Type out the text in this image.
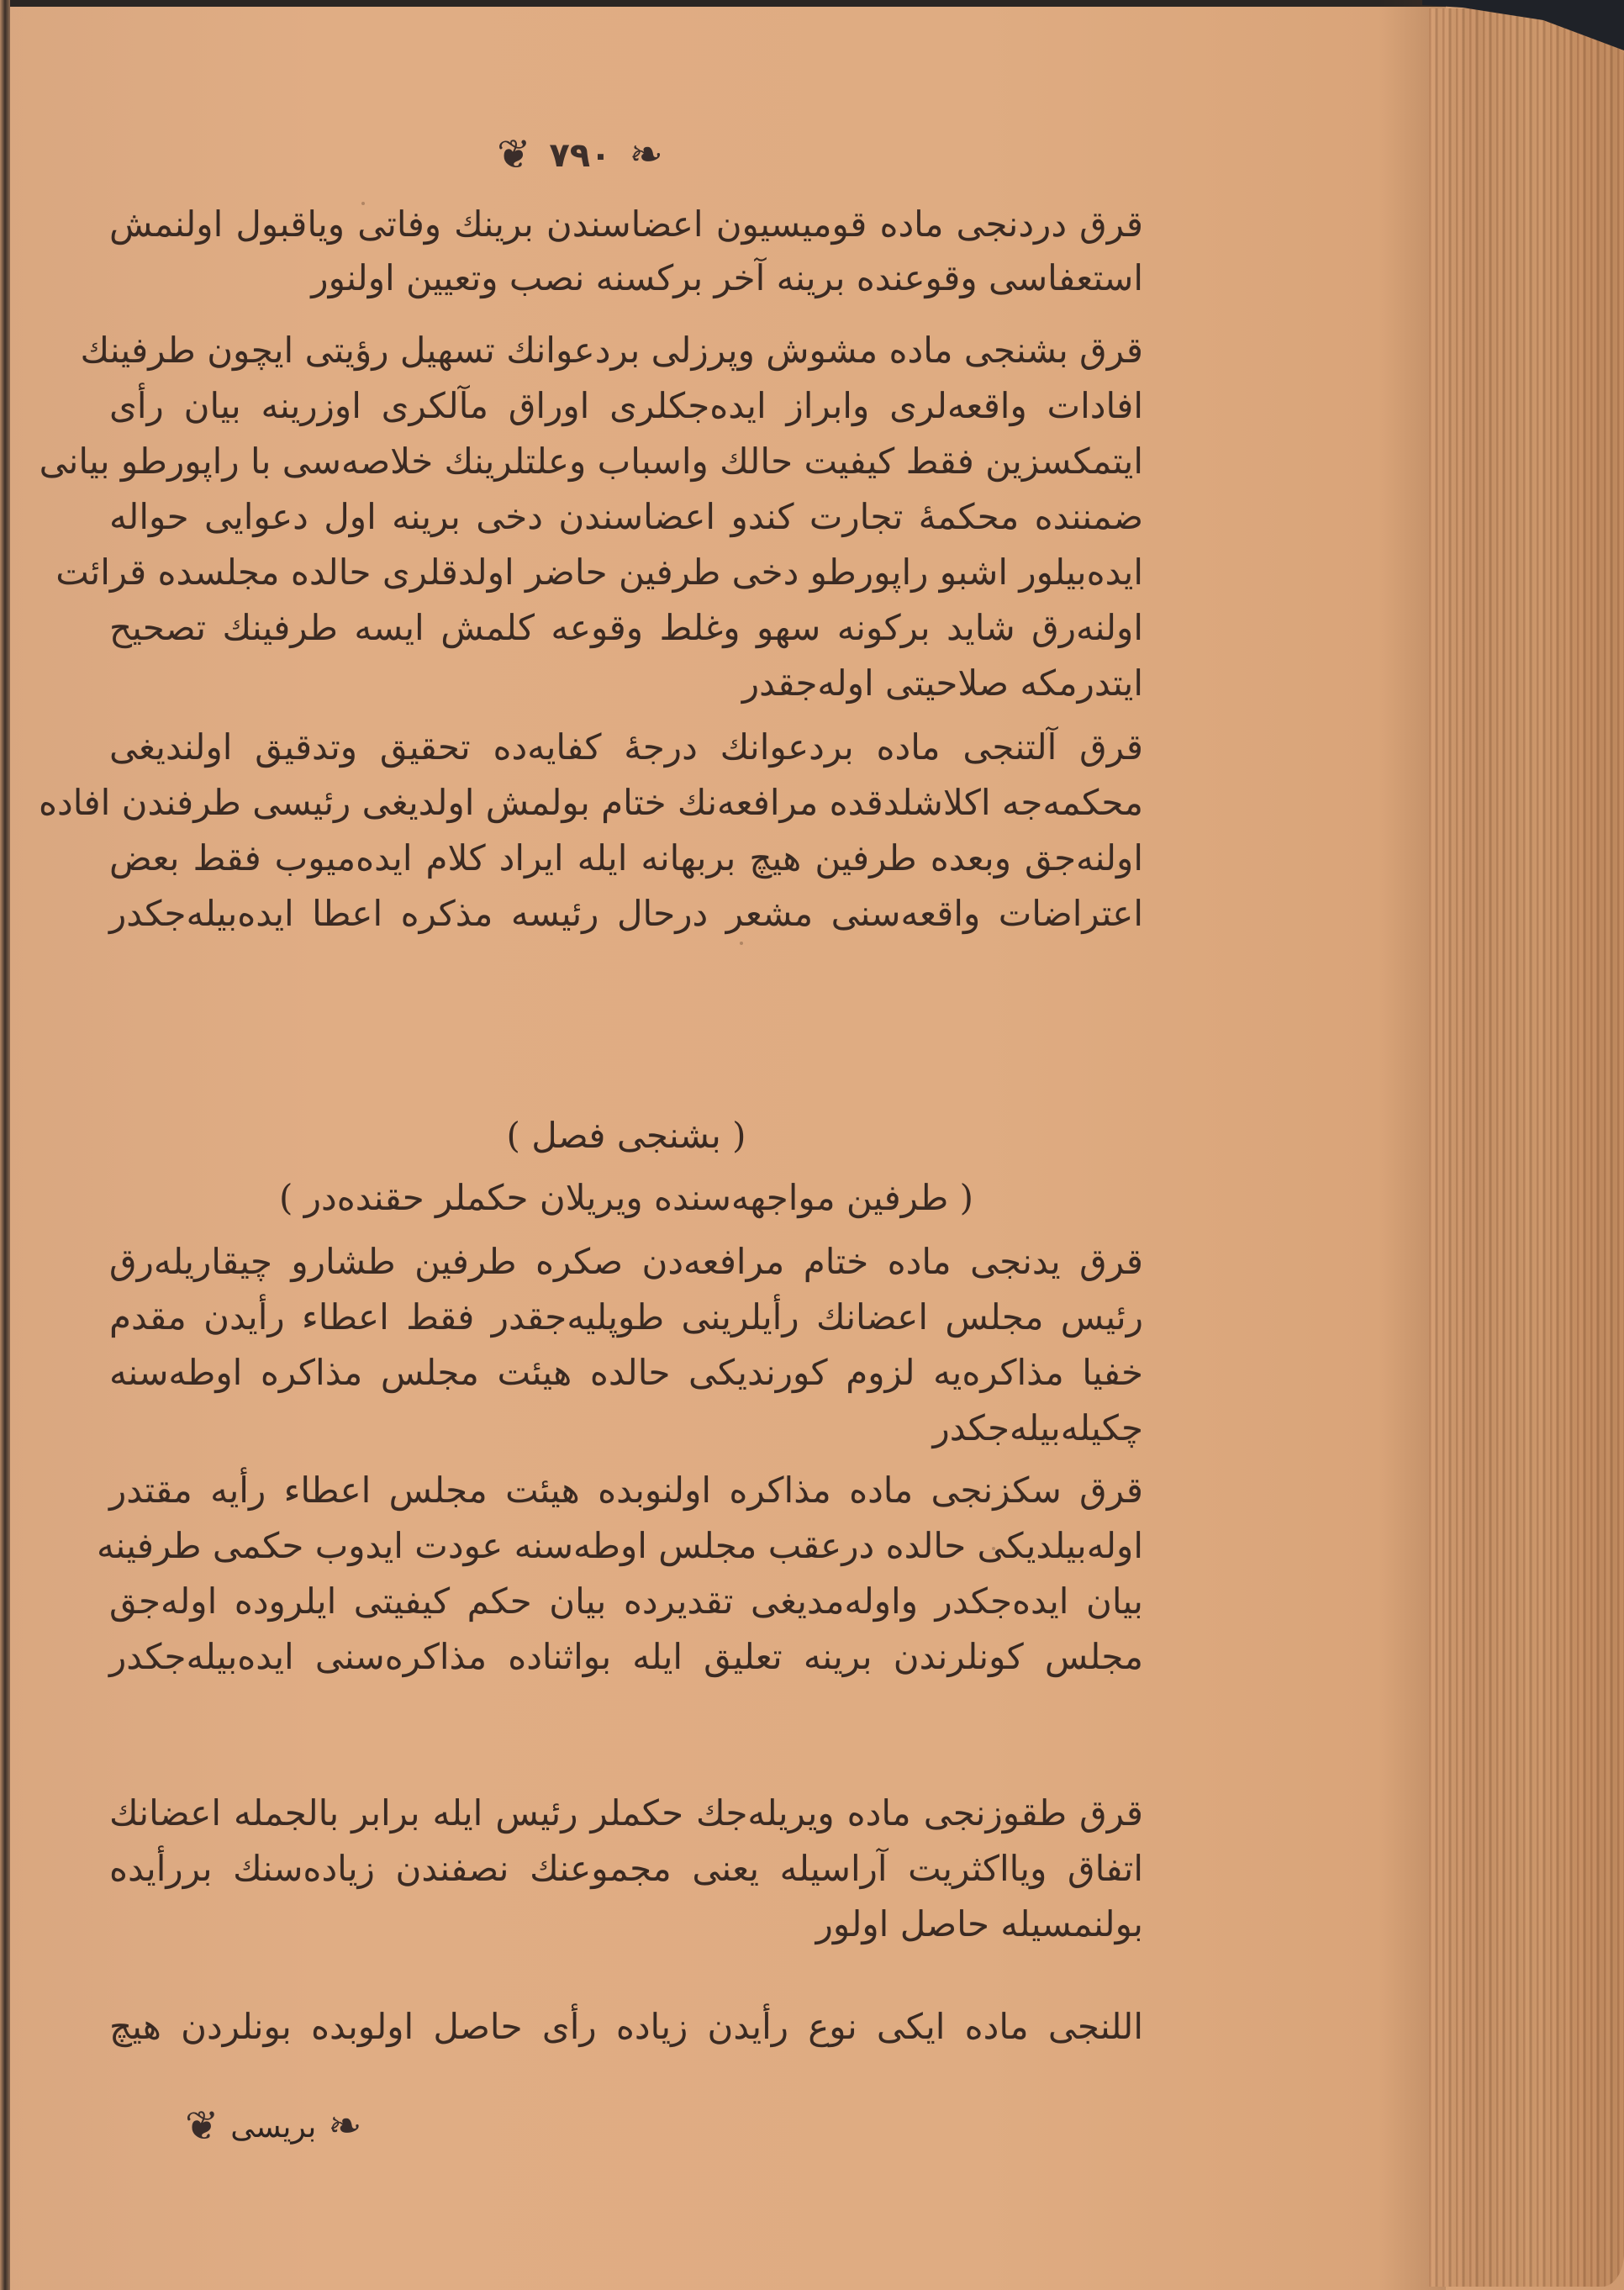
❦ ٧٩٠ ❧
قرق دردنجی ماده قومیسیون اعضاسندن برینك وفاتی ویاقبول اولنمش
استعفاسی وقوعنده برینه آخر برکسنه نصب وتعیین اولنور
قرق بشنجی ماده مشوش وپرزلی بردعوانك تسهیل رؤیتی ایچون طرفینك
افادات واقعه‌لری وابراز ایده‌جکلری اوراق مآلکری اوزرینه بیان رأی
ایتمکسزین فقط کیفیت حالك واسباب وعلتلرینك خلاصه‌سی با راپورطو بیانی
ضمننده محکمهٔ تجارت کندو اعضاسندن دخی برینه اول دعوایی حواله
ایده‌بیلور اشبو راپورطو دخی طرفین حاضر اولدقلری حالده مجلسده قرائت
اولنه‌رق شاید برکونه سهو وغلط وقوعه کلمش ایسه طرفینك تصحیح
ایتدرمکه صلاحیتی اوله‌جقدر
قرق آلتنجی ماده بردعوانك درجهٔ کفایه‌ده تحقیق وتدقیق اولندیغی
محکمه‌جه اکلاشلدقده مرافعه‌نك ختام بولمش اولدیغی رئیسی طرفندن افاده
اولنه‌جق وبعده طرفین هیچ بربهانه ایله ایراد کلام ایده‌میوب فقط بعض
اعتراضات واقعه‌سنی مشعر درحال رئیسه مذکره اعطا ایده‌بیله‌جکدر
( بشنجی فصل )
( طرفین مواجهه‌سنده ویریلان حکملر حقنده‌در )
قرق یدنجی ماده ختام مرافعه‌دن صکره طرفین طشارو چیقاریله‌رق
رئیس مجلس اعضانك رأیلرینی طوپلیه‌جقدر فقط اعطاء رأیدن مقدم
خفیا مذاکره‌یه لزوم کورندیکی حالده هیئت مجلس مذاکره اوطه‌سنه
چکیله‌بیله‌جکدر
قرق سکزنجی ماده مذاکره اولنوبده هیئت مجلس اعطاء رأیه مقتدر
اوله‌بیلدیکی حالده درعقب مجلس اوطه‌سنه عودت ایدوب حکمی طرفینه
بیان ایده‌جکدر واوله‌مدیغی تقدیرده بیان حکم کیفیتی ایلروده اوله‌جق
مجلس کونلرندن برینه تعلیق ایله بواثناده مذاکره‌سنی ایده‌بیله‌جکدر
قرق طقوزنجی ماده ویریله‌جك حکملر رئیس ایله برابر بالجمله اعضانك
اتفاق ویااکثریت آراسیله یعنی مجموعنك نصفندن زیاده‌سنك بررأیده
بولنمسیله حاصل اولور
اللنجی ماده ایکی نوع رأیدن زیاده رأی حاصل اولوبده بونلردن هیچ
❦ بریسی ❧
